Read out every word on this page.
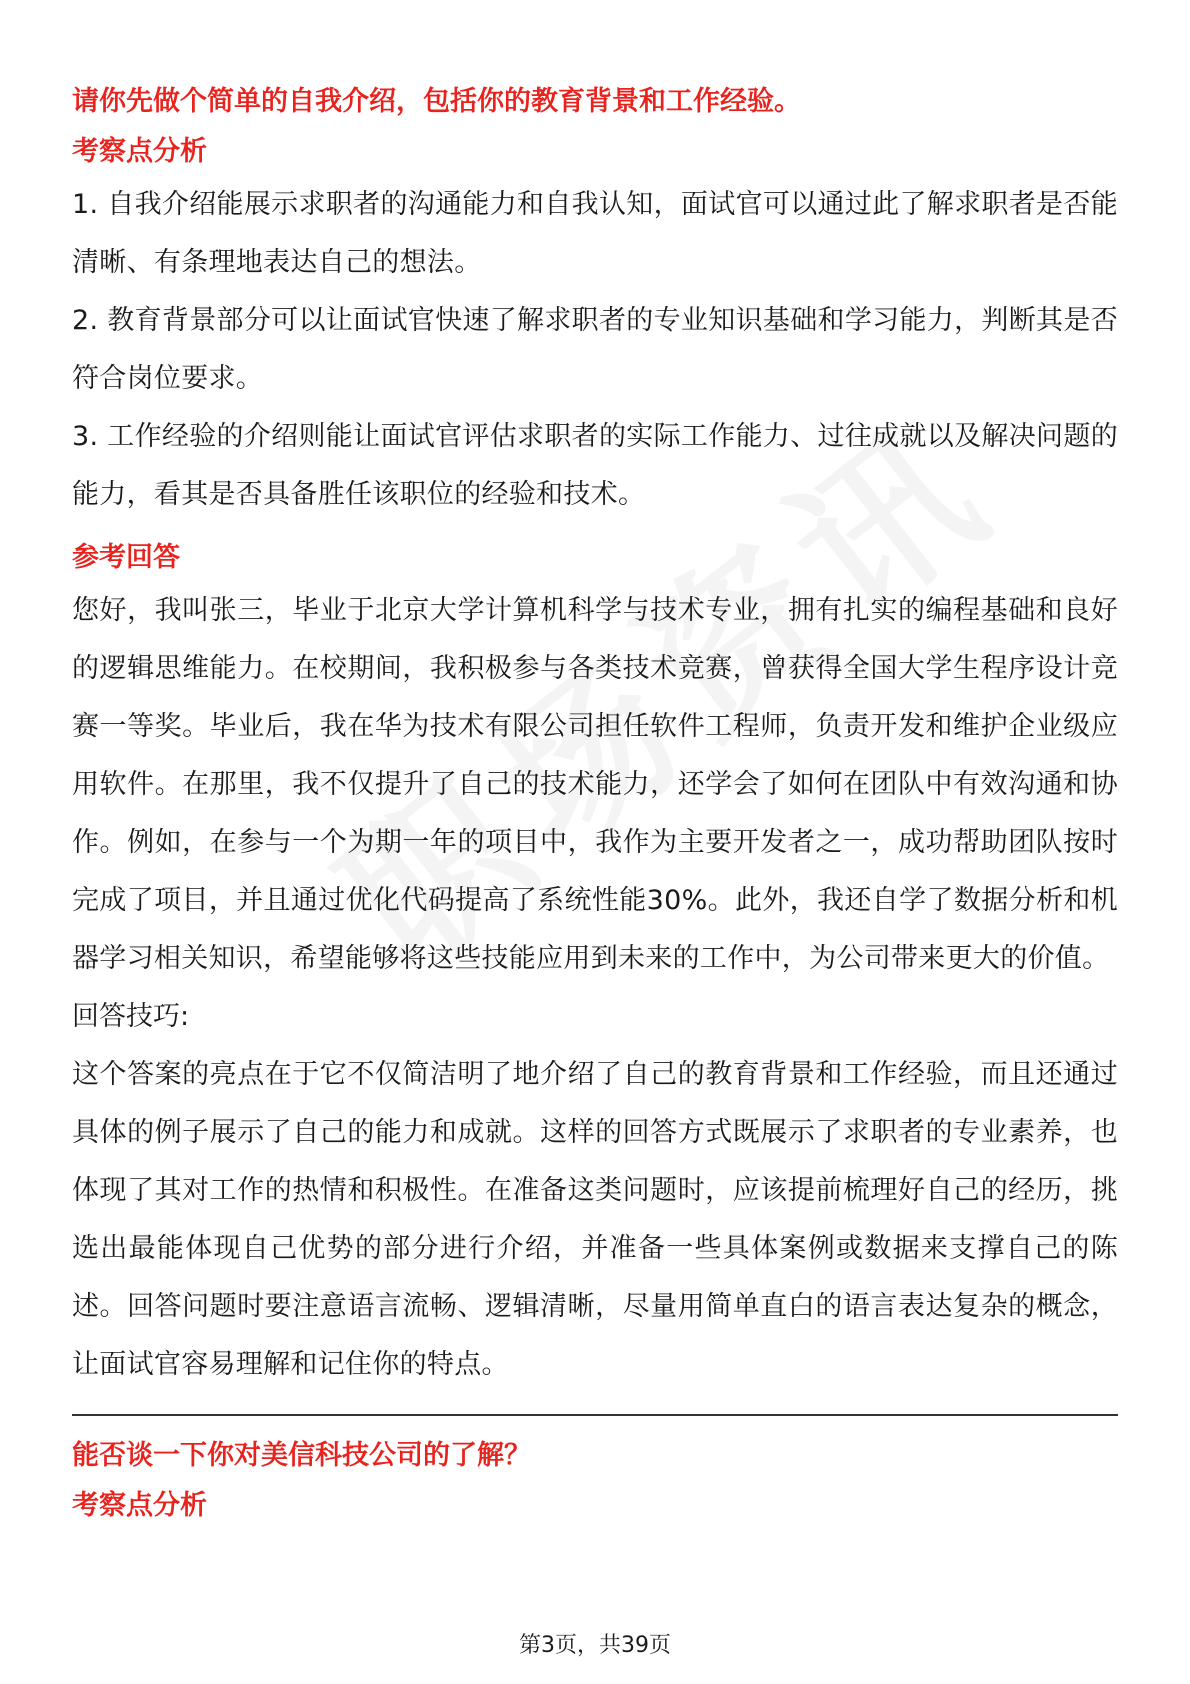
请你先做个简单的自我介绍，包括你的教育背景和工作经验。
考察点分析

1. 自我介绍能展示求职者的沟通能力和自我认知，面试官可以通过此了解求职者是否能清晰、有条理地表达自己的想法。

2. 教育背景部分可以让面试官快速了解求职者的专业知识基础和学习能力，判断其是否符合岗位要求。

3. 工作经验的介绍则能让面试官评估求职者的实际工作能力、过往成就以及解决问题的能力，看其是否具备胜任该职位的经验和技术。

参考回答

您好，我叫张三，毕业于北京大学计算机科学与技术专业，拥有扎实的编程基础和良好的逻辑思维能力。在校期间，我积极参与各类技术竞赛，曾获得全国大学生程序设计竞赛一等奖。毕业后，我在华为技术有限公司担任软件工程师，负责开发和维护企业级应用软件。在那里，我不仅提升了自己的技术能力，还学会了如何在团队中有效沟通和协作。例如，在参与一个为期一年的项目中，我作为主要开发者之一，成功帮助团队按时完成了项目，并且通过优化代码提高了系统性能30%。此外，我还自学了数据分析和机器学习相关知识，希望能够将这些技能应用到未来的工作中，为公司带来更大的价值。

回答技巧:

这个答案的亮点在于它不仅简洁明了地介绍了自己的教育背景和工作经验，而且还通过具体的例子展示了自己的能力和成就。这样的回答方式既展示了求职者的专业素养，也体现了其对工作的热情和积极性。在准备这类问题时，应该提前梳理好自己的经历，挑选出最能体现自己优势的部分进行介绍，并准备一些具体案例或数据来支撑自己的陈述。回答问题时要注意语言流畅、逻辑清晰，尽量用简单直白的语言表达复杂的概念，让面试官容易理解和记住你的特点。

能否谈一下你对美信科技公司的了解？
考察点分析
第3页，共39页
